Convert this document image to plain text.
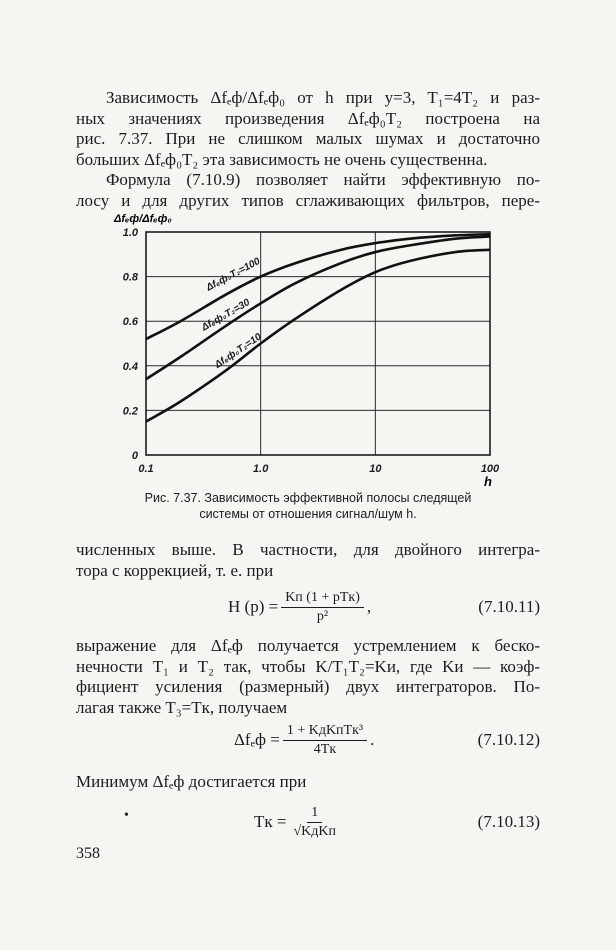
Зависимость Δfₑф/Δfₑф₀ от h при y=3, T₁=4T₂ и раз-
ных значениях произведения Δfₑф₀T₂ построена на
рис. 7.37. При не слишком малых шумах и достаточно
больших Δfₑф₀T₂ эта зависимость не очень существенна.

Формула (7.10.9) позволяет найти эффективную по-
лосу и для других типов сглаживающих фильтров, пере-

Δfₑф₀T₂=100
Δfₑф₀T₂=30
Δfₑф₀T₂=10
0
0.2
0.4
0.6
0.8
1.0
0.1	1.0	10	100
Δfₑф/Δfₑф₀
h
Рис. 7.37. Зависимость эффективной полосы следящей
системы от отношения сигнал/шум h.

численных выше. В частности, для двойного интегра-
тора с коррекцией, т. е. при

H $(p) = \frac{\text{Kп (1 + pTк)}}{\text{p²}}$ ,	(7.10.11)

выражение для Δfₑф получается устремлением к беско-
нечности T₁ и T₂ так, чтобы K/T₁T₂=Kи, где Kи — коэф-
фициент усиления (размерный) двух интеграторов. По-
лагая также T₃=Tк, получаем

$\Delta f_eф = \frac{\text{1 + KдKпTк³}}{4Tк}$ .	(7.10.12)

Минимум Δfₑф достигается при

•	Tк = $\frac{1}{\text{√KдKп}}$	(7.10.13)
358
